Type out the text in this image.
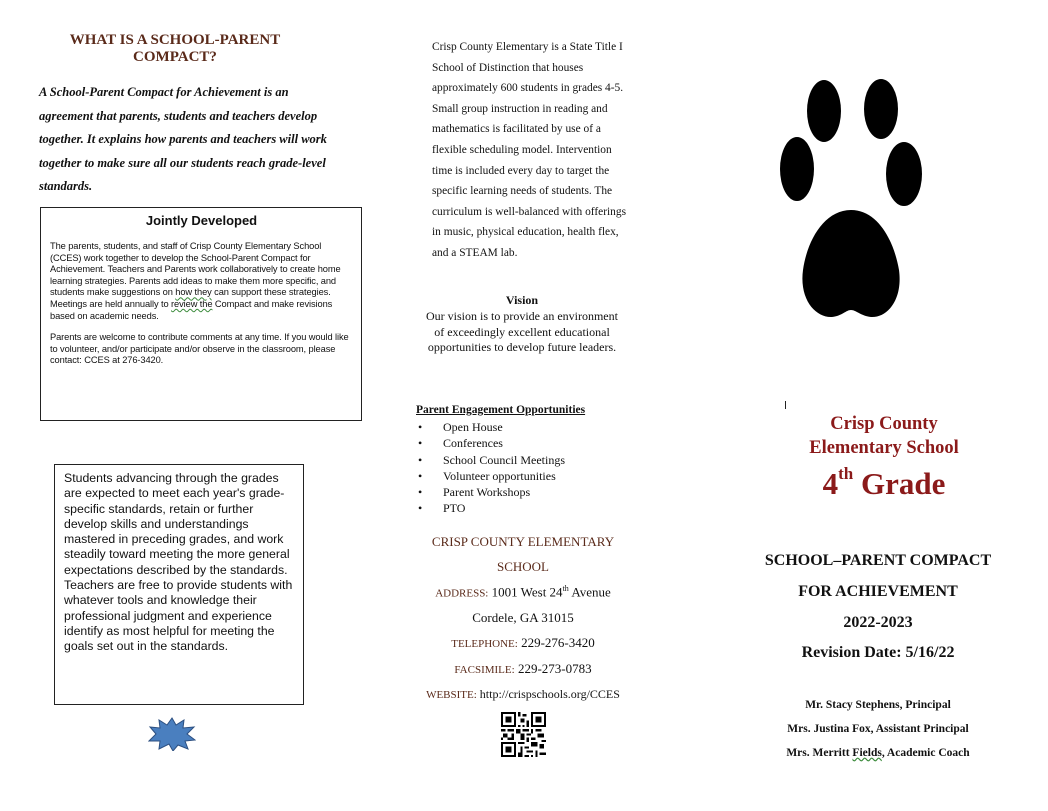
WHAT IS A SCHOOL-PARENT COMPACT?
A School-Parent Compact for Achievement is an agreement that parents, students and teachers develop together. It explains how parents and teachers will work together to make sure all our students reach grade-level standards.
Jointly Developed

The parents, students, and staff of Crisp County Elementary School (CCES) work together to develop the School-Parent Compact for Achievement. Teachers and Parents work collaboratively to create home learning strategies. Parents add ideas to make them more specific, and students make suggestions on how they can support these strategies. Meetings are held annually to review the Compact and make revisions based on academic needs.

Parents are welcome to contribute comments at any time. If you would like to volunteer, and/or participate and/or observe in the classroom, please contact: CCES at 276-3420.

Students advancing through the grades are expected to meet each year's grade-specific standards, retain or further develop skills and understandings mastered in preceding grades, and work steadily toward meeting the more general expectations described by the standards. Teachers are free to provide students with whatever tools and knowledge their professional judgment and experience identify as most helpful for meeting the goals set out in the standards.
Crisp County Elementary is a State Title I School of Distinction that houses approximately 600 students in grades 4-5. Small group instruction in reading and mathematics is facilitated by use of a flexible scheduling model. Intervention time is included every day to target the specific learning needs of students. The curriculum is well-balanced with offerings in music, physical education, health flex, and a STEAM lab.
Vision
Our vision is to provide an environment of exceedingly excellent educational opportunities to develop future leaders.
Parent Engagement Opportunities
• Open House
• Conferences
• School Council Meetings
• Volunteer opportunities
• Parent Workshops
• PTO
CRISP COUNTY ELEMENTARY
SCHOOL
ADDRESS: 1001 West 24th Avenue
Cordele, GA 31015
TELEPHONE: 229-276-3420
FACSIMILE: 229-273-0783
WEBSITE: http://crispschools.org/CCES
Crisp County
Elementary School
4th Grade
SCHOOL–PARENT COMPACT
FOR ACHIEVEMENT
2022-2023
Revision Date: 5/16/22
Mr. Stacy Stephens, Principal
Mrs. Justina Fox, Assistant Principal
Mrs. Merritt Fields, Academic Coach
